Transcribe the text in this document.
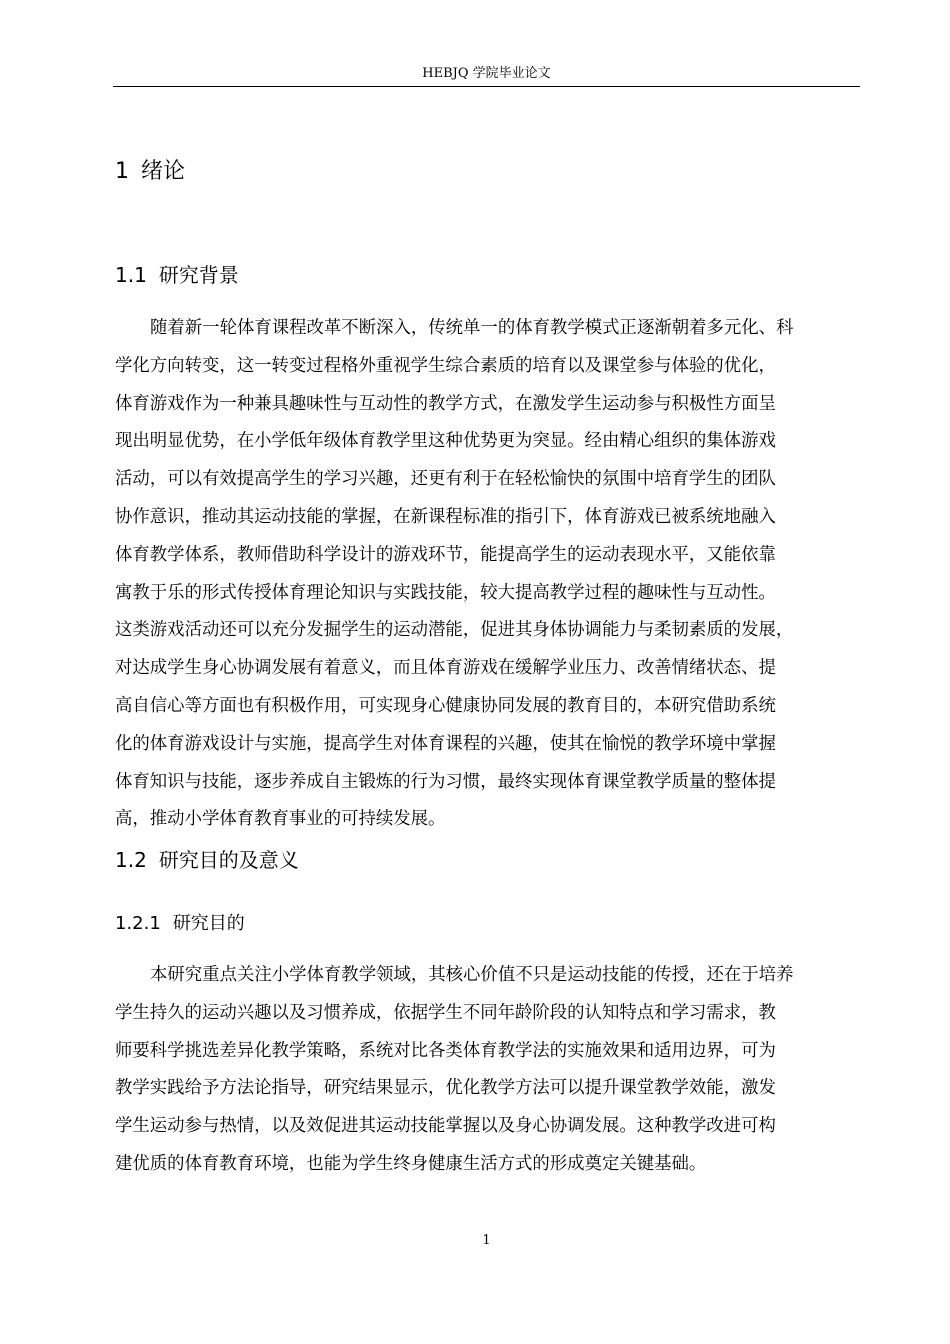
HEBJQ 学院毕业论文
1 绪论
1.1 研究背景
随着新一轮体育课程改革不断深入，传统单一的体育教学模式正逐渐朝着多元化、科
学化方向转变，这一转变过程格外重视学生综合素质的培育以及课堂参与体验的优化，
体育游戏作为一种兼具趣味性与互动性的教学方式，在激发学生运动参与积极性方面呈
现出明显优势，在小学低年级体育教学里这种优势更为突显。经由精心组织的集体游戏
活动，可以有效提高学生的学习兴趣，还更有利于在轻松愉快的氛围中培育学生的团队
协作意识，推动其运动技能的掌握，在新课程标准的指引下，体育游戏已被系统地融入
体育教学体系，教师借助科学设计的游戏环节，能提高学生的运动表现水平，又能依靠
寓教于乐的形式传授体育理论知识与实践技能，较大提高教学过程的趣味性与互动性。
这类游戏活动还可以充分发掘学生的运动潜能，促进其身体协调能力与柔韧素质的发展，
对达成学生身心协调发展有着意义，而且体育游戏在缓解学业压力、改善情绪状态、提
高自信心等方面也有积极作用，可实现身心健康协同发展的教育目的，本研究借助系统
化的体育游戏设计与实施，提高学生对体育课程的兴趣，使其在愉悦的教学环境中掌握
体育知识与技能，逐步养成自主锻炼的行为习惯，最终实现体育课堂教学质量的整体提
高，推动小学体育教育事业的可持续发展。
1.2 研究目的及意义
1.2.1 研究目的
本研究重点关注小学体育教学领域，其核心价值不只是运动技能的传授，还在于培养
学生持久的运动兴趣以及习惯养成，依据学生不同年龄阶段的认知特点和学习需求，教
师要科学挑选差异化教学策略，系统对比各类体育教学法的实施效果和适用边界，可为
教学实践给予方法论指导，研究结果显示，优化教学方法可以提升课堂教学效能，激发
学生运动参与热情，以及效促进其运动技能掌握以及身心协调发展。这种教学改进可构
建优质的体育教育环境，也能为学生终身健康生活方式的形成奠定关键基础。
1
